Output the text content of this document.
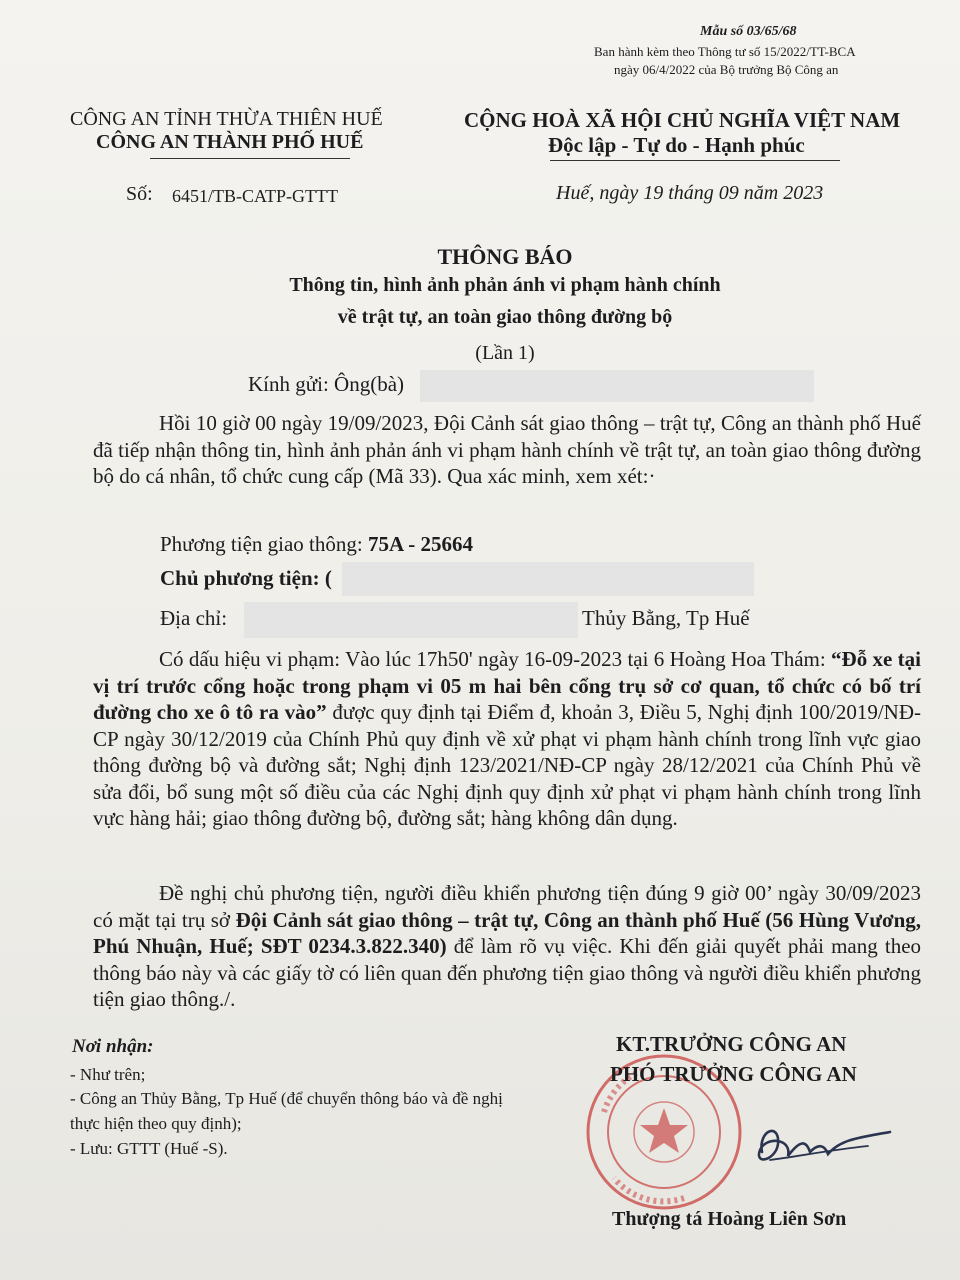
Mẫu số 03/65/68
Ban hành kèm theo Thông tư số 15/2022/TT-BCA
ngày 06/4/2022 của Bộ trưởng Bộ Công an
CÔNG AN TỈNH THỪA THIÊN HUẾ
CÔNG AN THÀNH PHỐ HUẾ
CỘNG HOÀ XÃ HỘI CHỦ NGHĨA VIỆT NAM
Độc lập - Tự do - Hạnh phúc
Số: 6451/TB-CATP-GTTT	Huế, ngày 19 tháng 09 năm 2023
THÔNG BÁO
Thông tin, hình ảnh phản ánh vi phạm hành chính
về trật tự, an toàn giao thông đường bộ
(Lần 1)
Kính gửi: Ông(bà)
Hồi 10 giờ 00 ngày 19/09/2023, Đội Cảnh sát giao thông – trật tự, Công an thành phố Huế đã tiếp nhận thông tin, hình ảnh phản ánh vi phạm hành chính về trật tự, an toàn giao thông đường bộ do cá nhân, tổ chức cung cấp (Mã 33). Qua xác minh, xem xét:·
Phương tiện giao thông: 75A - 25664
Chủ phương tiện: (
Địa chỉ:	Thủy Bằng, Tp Huế
Có dấu hiệu vi phạm: Vào lúc 17h50' ngày 16-09-2023 tại 6 Hoàng Hoa Thám: “Đỗ xe tại vị trí trước cổng hoặc trong phạm vi 05 m hai bên cổng trụ sở cơ quan, tổ chức có bố trí đường cho xe ô tô ra vào” được quy định tại Điểm đ, khoản 3, Điều 5, Nghị định 100/2019/NĐ-CP ngày 30/12/2019 của Chính Phủ quy định về xử phạt vi phạm hành chính trong lĩnh vực giao thông đường bộ và đường sắt; Nghị định 123/2021/NĐ-CP ngày 28/12/2021 của Chính Phủ về sửa đổi, bổ sung một số điều của các Nghị định quy định xử phạt vi phạm hành chính trong lĩnh vực hàng hải; giao thông đường bộ, đường sắt; hàng không dân dụng.
Đề nghị chủ phương tiện, người điều khiển phương tiện đúng 9 giờ 00’ ngày 30/09/2023 có mặt tại trụ sở Đội Cảnh sát giao thông – trật tự, Công an thành phố Huế (56 Hùng Vương, Phú Nhuận, Huế; SĐT 0234.3.822.340) để làm rõ vụ việc. Khi đến giải quyết phải mang theo thông báo này và các giấy tờ có liên quan đến phương tiện giao thông và người điều khiển phương tiện giao thông./.
Nơi nhận:
- Như trên;
- Công an Thủy Bằng, Tp Huế (để chuyển thông báo và đề nghị thực hiện theo quy định);
- Lưu: GTTT (Huế -S).
KT.TRƯỞNG CÔNG AN
PHÓ TRƯỞNG CÔNG AN
Thượng tá Hoàng Liên Sơn
